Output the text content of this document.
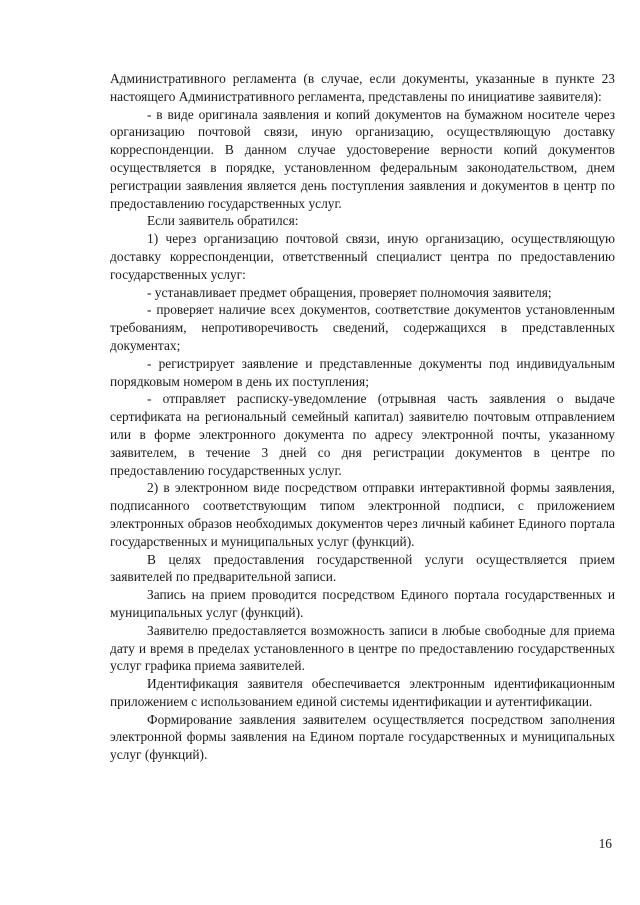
Административного регламента (в случае, если документы, указанные в пункте 23 настоящего Административного регламента, представлены по инициативе заявителя):

- в виде оригинала заявления и копий документов на бумажном носителе через организацию почтовой связи, иную организацию, осуществляющую доставку корреспонденции. В данном случае удостоверение верности копий документов осуществляется в порядке, установленном федеральным законодательством, днем регистрации заявления является день поступления заявления и документов в центр по предоставлению государственных услуг.

Если заявитель обратился:

1) через организацию почтовой связи, иную организацию, осуществляющую доставку корреспонденции, ответственный специалист центра по предоставлению государственных услуг:

- устанавливает предмет обращения, проверяет полномочия заявителя;

- проверяет наличие всех документов, соответствие документов установленным требованиям, непротиворечивость сведений, содержащихся в представленных документах;

- регистрирует заявление и представленные документы под индивидуальным порядковым номером в день их поступления;

- отправляет расписку-уведомление (отрывная часть заявления о выдаче сертификата на региональный семейный капитал) заявителю почтовым отправлением или в форме электронного документа по адресу электронной почты, указанному заявителем, в течение 3 дней со дня регистрации документов в центре по предоставлению государственных услуг.

2) в электронном виде посредством отправки интерактивной формы заявления, подписанного соответствующим типом электронной подписи, с приложением электронных образов необходимых документов через личный кабинет Единого портала государственных и муниципальных услуг (функций).

В целях предоставления государственной услуги осуществляется прием заявителей по предварительной записи.

Запись на прием проводится посредством Единого портала государственных и муниципальных услуг (функций).

Заявителю предоставляется возможность записи в любые свободные для приема дату и время в пределах установленного в центре по предоставлению государственных услуг графика приема заявителей.

Идентификация заявителя обеспечивается электронным идентификационным приложением с использованием единой системы идентификации и аутентификации.

Формирование заявления заявителем осуществляется посредством заполнения электронной формы заявления на Едином портале государственных и муниципальных услуг (функций).

16
